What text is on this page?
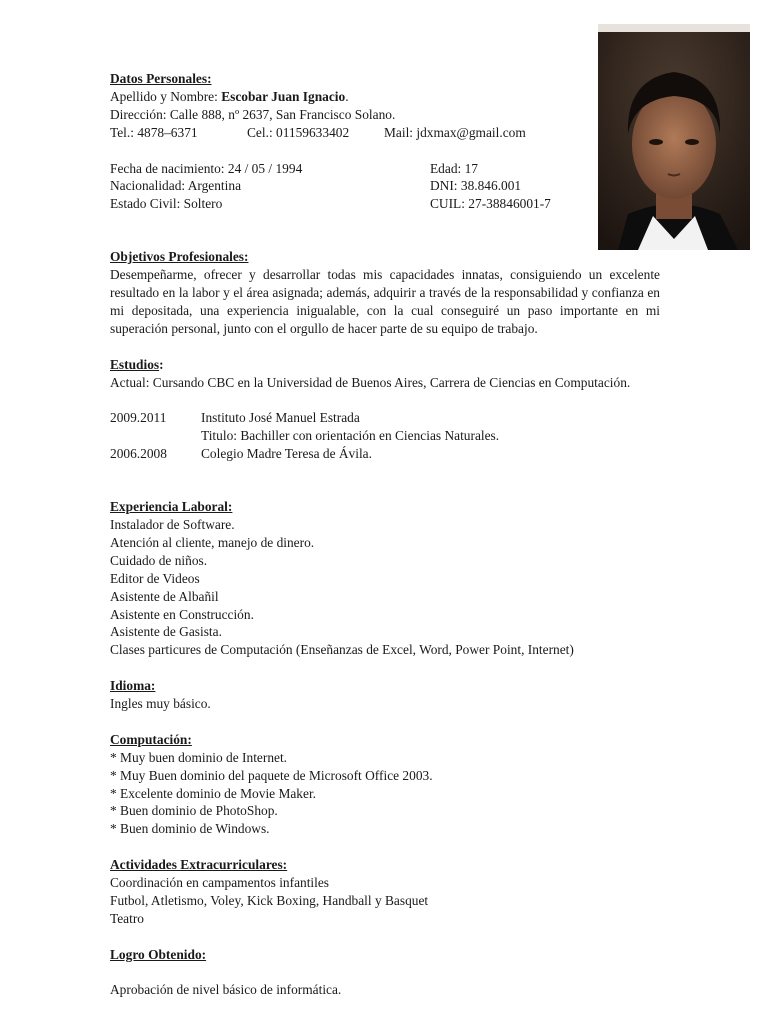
Datos Personales:
Apellido y Nombre: Escobar Juan Ignacio.
Dirección: Calle 888, nº 2637, San Francisco Solano.
Tel.: 4878–6371	Cel.: 01159633402	Mail: jdxmax@gmail.com
Fecha de nacimiento: 24 / 05 / 1994	Edad: 17
Nacionalidad: Argentina	DNI: 38.846.001
Estado Civil: Soltero	CUIL: 27-38846001-7
Objetivos Profesionales:
Desempeñarme, ofrecer y desarrollar todas mis capacidades innatas, consiguiendo un excelente resultado en la labor y el área asignada; además, adquirir a través de la responsabilidad y confianza en mi depositada, una experiencia inigualable, con la cual conseguiré un paso importante en mi superación personal, junto con el orgullo de hacer parte de su equipo de trabajo.
Estudios:
Actual: Cursando CBC en la Universidad de Buenos Aires, Carrera de Ciencias en Computación.
2009.2011	Instituto José Manuel Estrada
Titulo: Bachiller con orientación en Ciencias Naturales.
2006.2008	Colegio Madre Teresa de Ávila.
Experiencia Laboral:
Instalador de Software.
Atención al cliente, manejo de dinero.
Cuidado de niños.
Editor de Videos
Asistente de Albañil
Asistente en Construcción.
Asistente de Gasista.
Clases particures de Computación (Enseñanzas de Excel, Word, Power Point, Internet)
Idioma:
Ingles muy básico.
Computación:
* Muy buen dominio de Internet.
* Muy Buen dominio del paquete de Microsoft Office 2003.
* Excelente dominio de Movie Maker.
* Buen dominio de PhotoShop.
* Buen dominio de Windows.
Actividades Extracurriculares:
Coordinación en campamentos infantiles
Futbol, Atletismo, Voley, Kick Boxing, Handball y Basquet
Teatro
Logro Obtenido:
Aprobación de nivel básico de informática.
